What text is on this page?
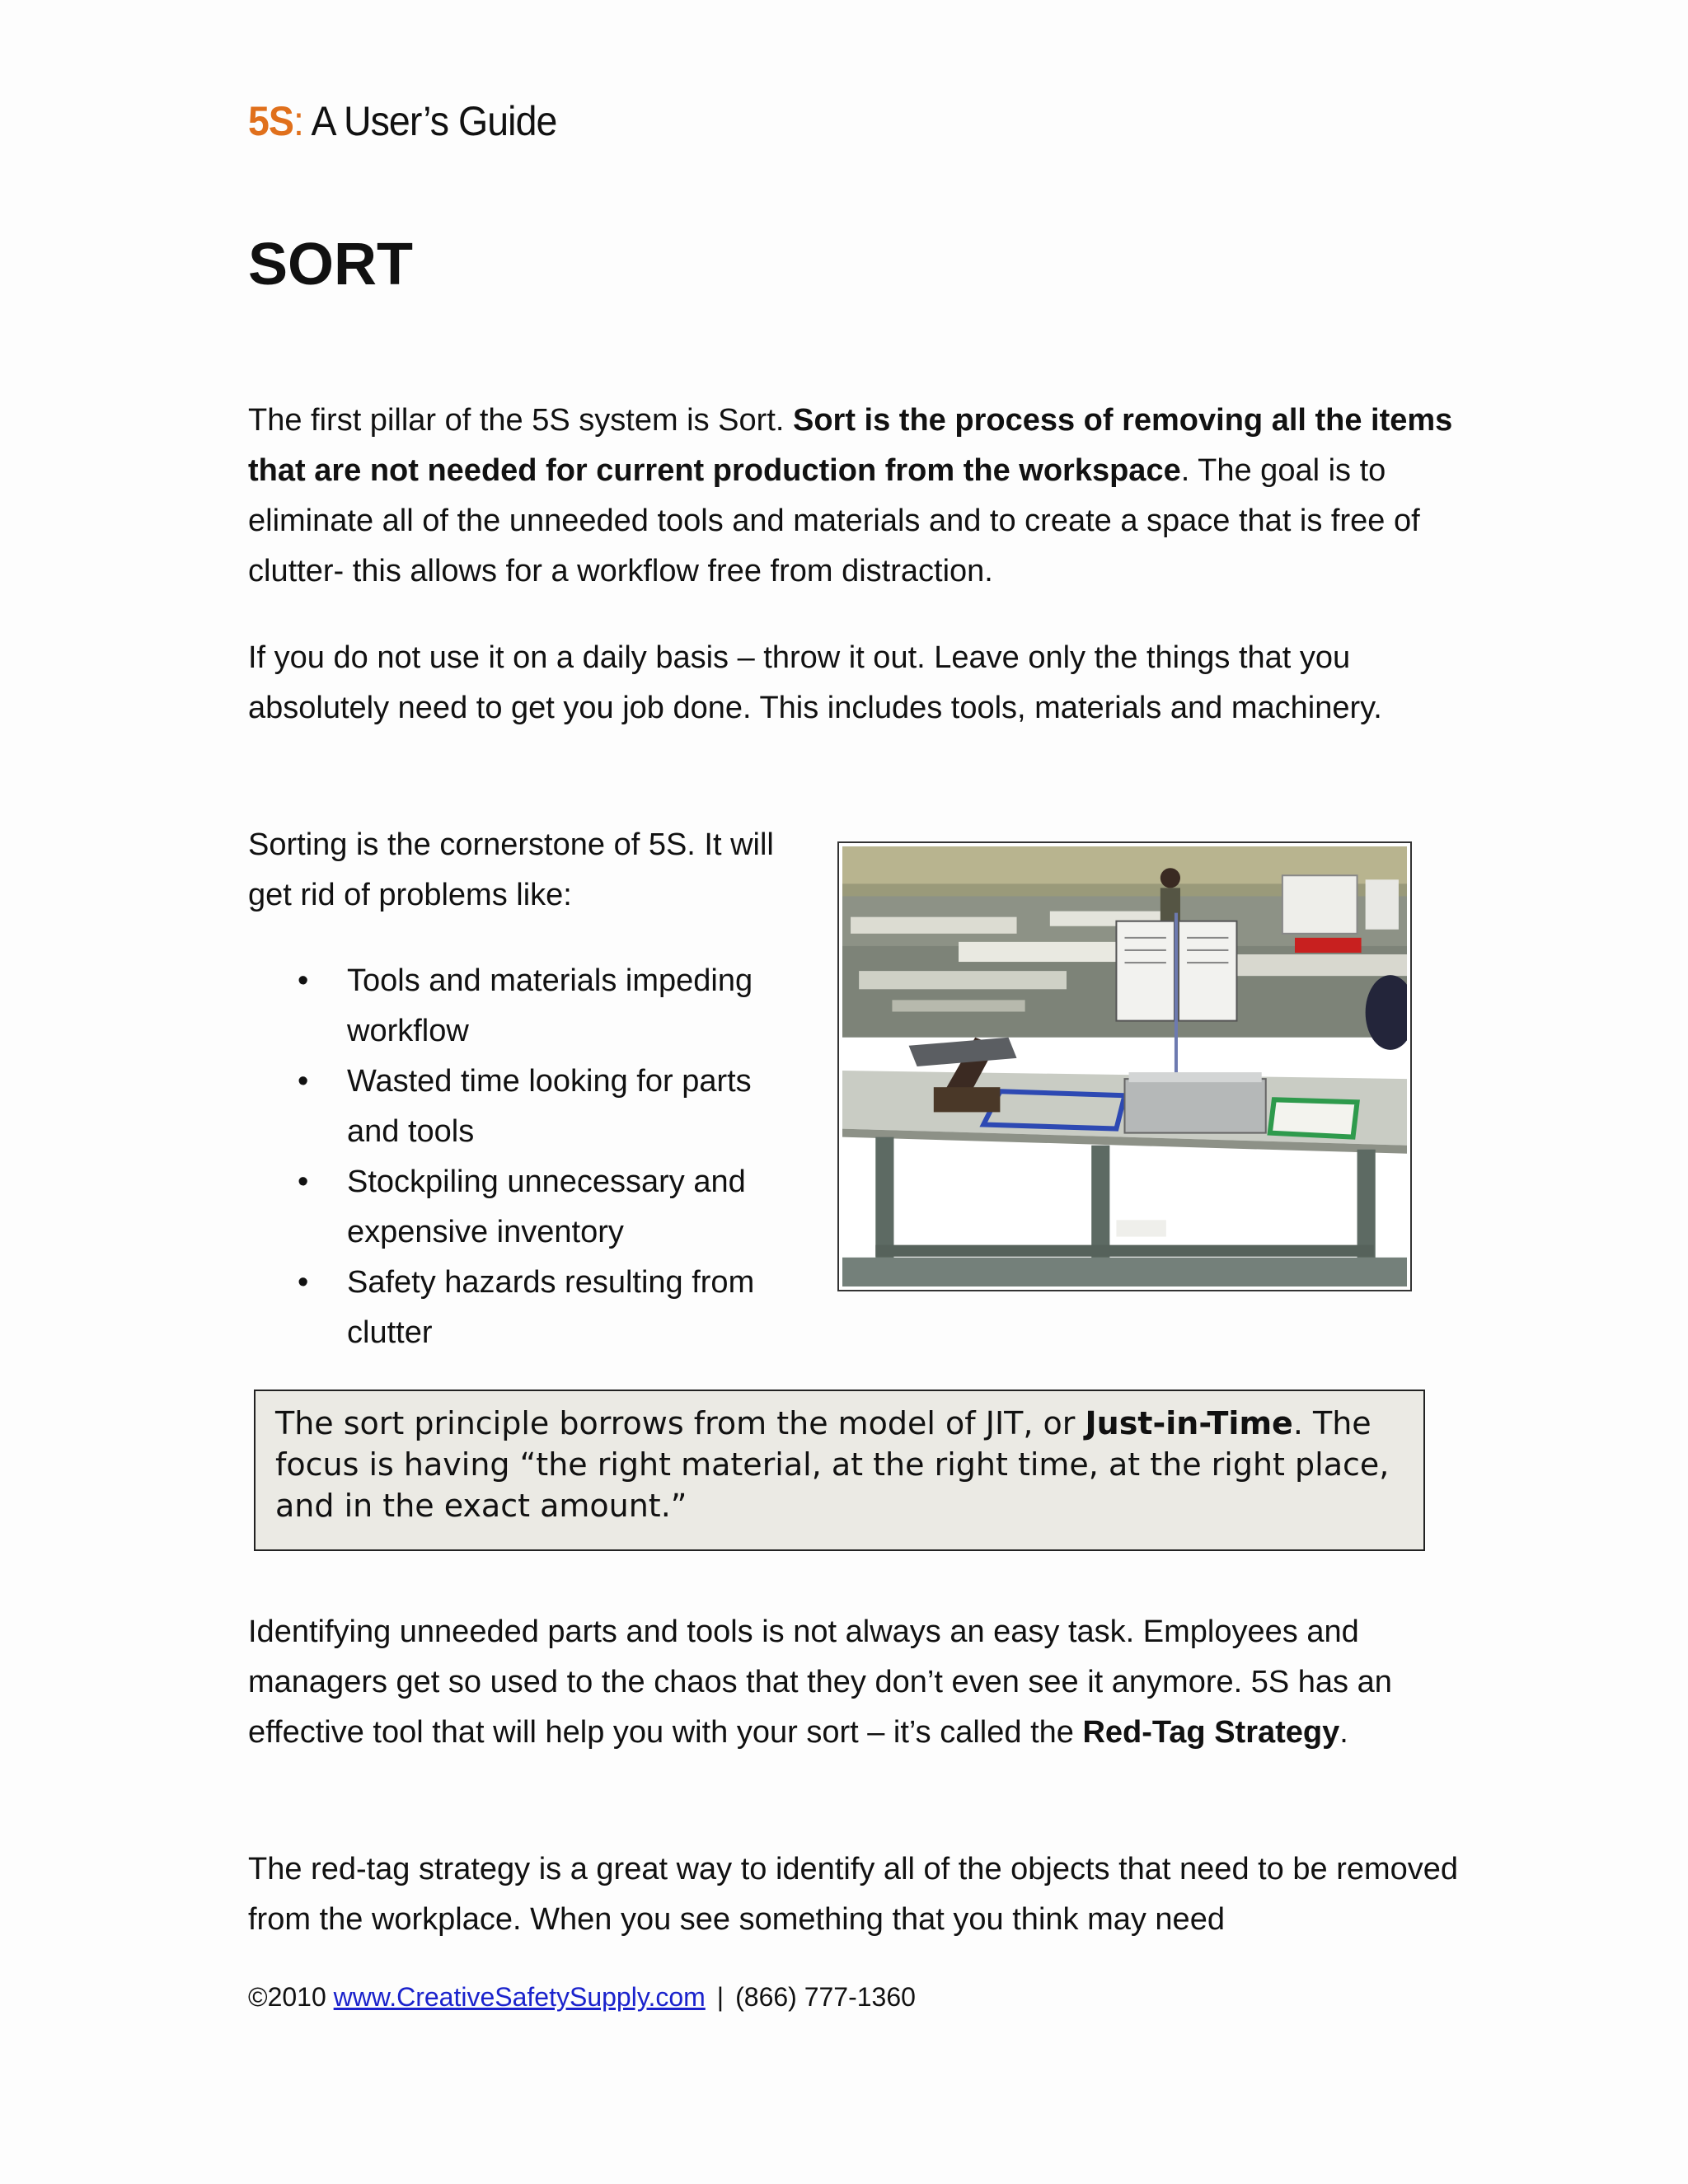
5S: A User’s Guide
SORT

The first pillar of the 5S system is Sort. Sort is the process of removing all the items that are not needed for current production from the workspace. The goal is to eliminate all of the unneeded tools and materials and to create a space that is free of clutter- this allows for a workflow free from distraction.

If you do not use it on a daily basis – throw it out. Leave only the things that you absolutely need to get you job done. This includes tools, materials and machinery.

Sorting is the cornerstone of 5S. It will get rid of problems like:

• Tools and materials impeding workflow
• Wasted time looking for parts and tools
• Stockpiling unnecessary and expensive inventory
• Safety hazards resulting from clutter
The sort principle borrows from the model of JIT, or Just-in-Time. The focus is having “the right material, at the right time, at the right place, and in the exact amount.”

Identifying unneeded parts and tools is not always an easy task. Employees and managers get so used to the chaos that they don’t even see it anymore. 5S has an effective tool that will help you with your sort – it’s called the Red-Tag Strategy.

The red-tag strategy is a great way to identify all of the objects that need to be removed from the workplace. When you see something that you think may need

©2010 www.CreativeSafetySupply.com | (866) 777-1360
